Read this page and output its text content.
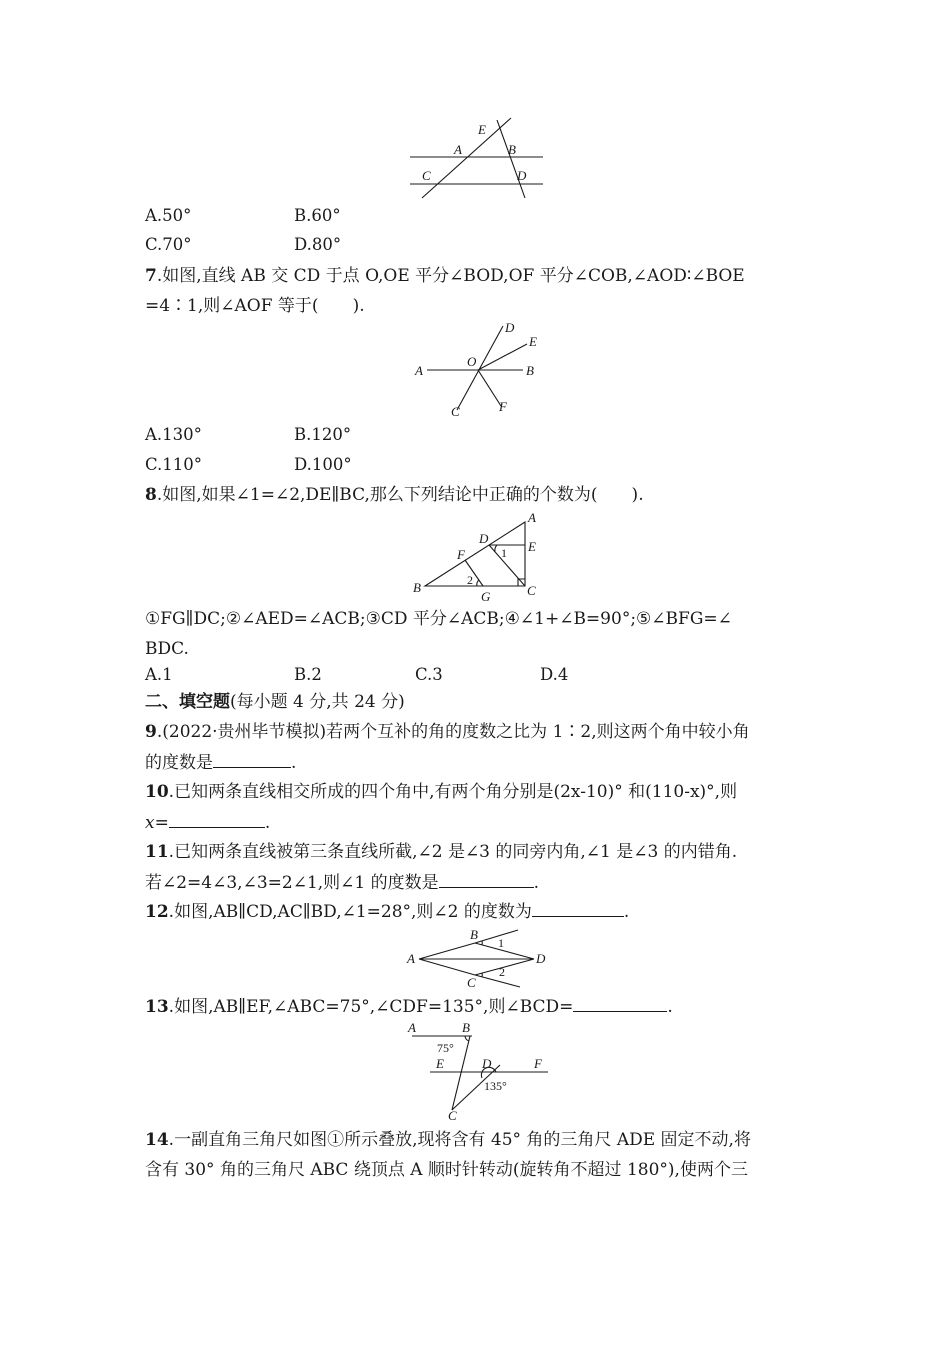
E
A	B
C	D
A.50°	B.60°
C.70°	D.80°
7.如图,直线 AB 交 CD 于点 O,OE 平分∠BOD,OF 平分∠COB,∠AOD∶∠BOE
=4∶1,则∠AOF 等于(　　).
D
E
O
A	B
C	F
A.130°	B.120°
C.110°	D.100°
8.如图,如果∠1=∠2,DE∥BC,那么下列结论中正确的个数为(　　).
A
D
E
F
B
G	C
1
2
①FG∥DC;②∠AED=∠ACB;③CD 平分∠ACB;④∠1+∠B=90°;⑤∠BFG=∠
BDC.
A.1	B.2	C.3	D.4
二、填空题(每小题 4 分,共 24 分)
9.(2022·贵州毕节模拟)若两个互补的角的度数之比为 1∶2,则这两个角中较小角
的度数是	.
10.已知两条直线相交所成的四个角中,有两个角分别是(2x-10)° 和(110-x)°,则
x=	.
11.已知两条直线被第三条直线所截,∠2 是∠3 的同旁内角,∠1 是∠3 的内错角.
若∠2=4∠3,∠3=2∠1,则∠1 的度数是	.
12.如图,AB∥CD,AC∥BD,∠1=28°,则∠2 的度数为	.
B
A	D
C
1
2
13.如图,AB∥EF,∠ABC=75°,∠CDF=135°,则∠BCD=	.
A	B
75°
E	D	F
135°
C
14.一副直角三角尺如图①所示叠放,现将含有 45° 角的三角尺 ADE 固定不动,将
含有 30° 角的三角尺 ABC 绕顶点 A 顺时针转动(旋转角不超过 180°),使两个三
